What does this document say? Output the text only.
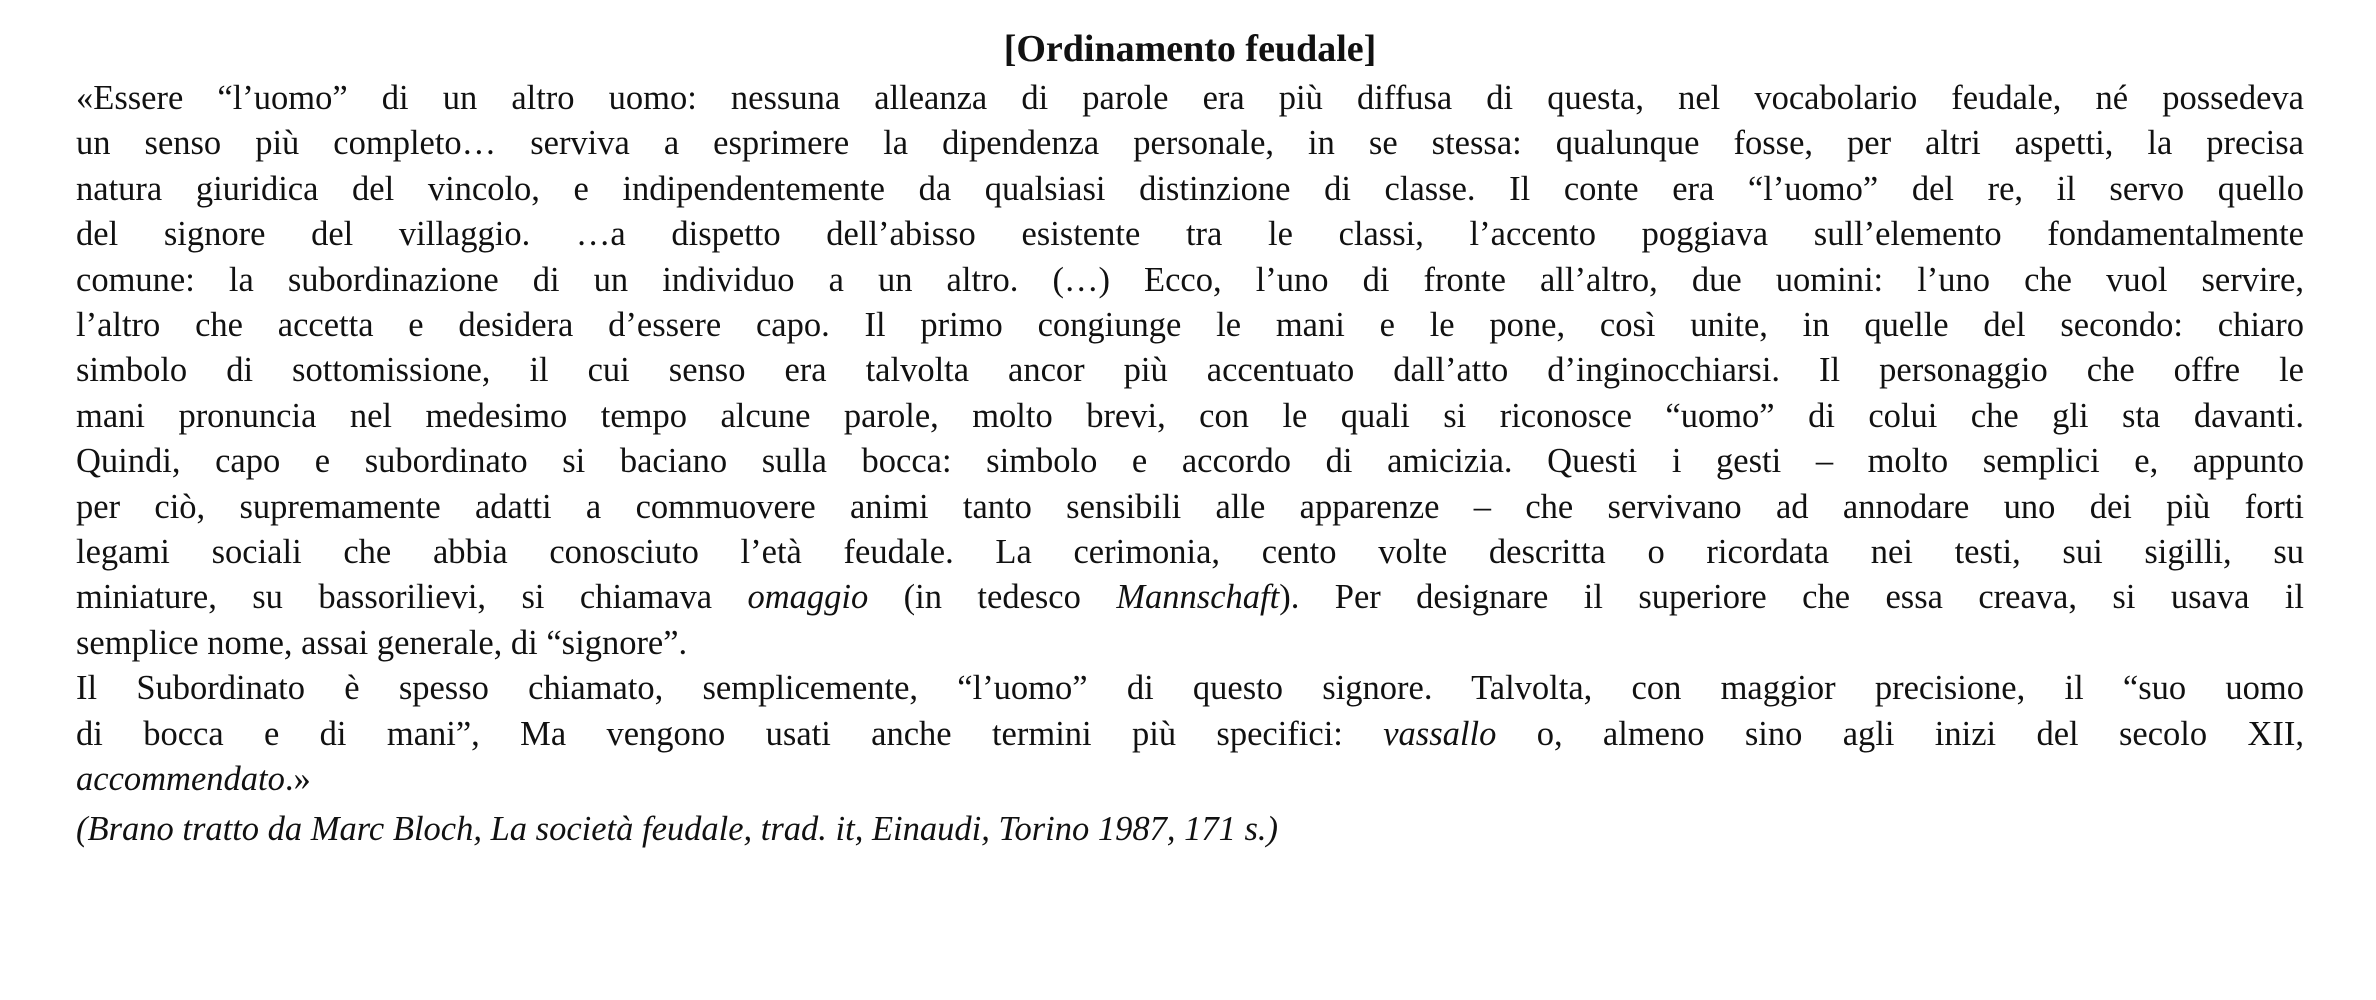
[Ordinamento feudale]

«Essere “l’uomo” di un altro uomo: nessuna alleanza di parole era più diffusa di questa, nel vocabolario feudale, né possedeva
un senso più completo… serviva a esprimere la dipendenza personale, in se stessa: qualunque fosse, per altri aspetti, la precisa
natura giuridica del vincolo, e indipendentemente da qualsiasi distinzione di classe. Il conte era “l’uomo” del re, il servo quello
del signore del villaggio. …a dispetto dell’abisso esistente tra le classi, l’accento poggiava sull’elemento fondamentalmente
comune: la subordinazione di un individuo a un altro. (…) Ecco, l’uno di fronte all’altro, due uomini: l’uno che vuol servire,
l’altro che accetta e desidera d’essere capo. Il primo congiunge le mani e le pone, così unite, in quelle del secondo: chiaro
simbolo di sottomissione, il cui senso era talvolta ancor più accentuato dall’atto d’inginocchiarsi. Il personaggio che offre le
mani pronuncia nel medesimo tempo alcune parole, molto brevi, con le quali si riconosce “uomo” di colui che gli sta davanti.
Quindi, capo e subordinato si baciano sulla bocca: simbolo e accordo di amicizia. Questi i gesti – molto semplici e, appunto
per ciò, supremamente adatti a commuovere animi tanto sensibili alle apparenze – che servivano ad annodare uno dei più forti
legami sociali che abbia conosciuto l’età feudale. La cerimonia, cento volte descritta o ricordata nei testi, sui sigilli, su
miniature, su bassorilievi, si chiamava omaggio (in tedesco Mannschaft). Per designare il superiore che essa creava, si usava il
semplice nome, assai generale, di “signore”.

Il Subordinato è spesso chiamato, semplicemente, “l’uomo” di questo signore. Talvolta, con maggior precisione, il “suo uomo
di bocca e di mani”, Ma vengono usati anche termini più specifici: vassallo o, almeno sino agli inizi del secolo XII,
accommendato.»

(Brano tratto da Marc Bloch, La società feudale, trad. it, Einaudi, Torino 1987, 171 s.)
